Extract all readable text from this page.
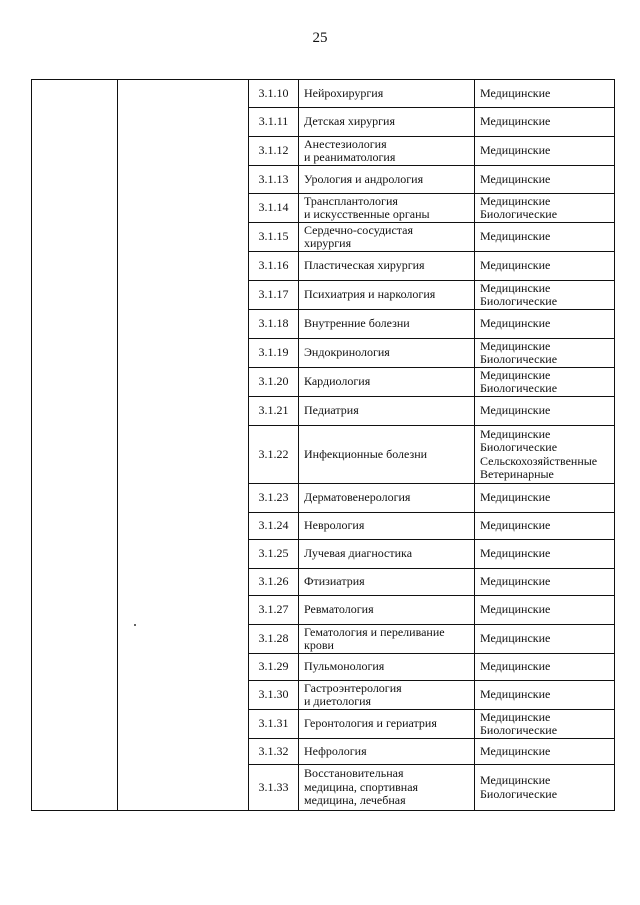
25
		3.1.10	Нейрохирургия	Медицинские

		3.1.11	Детская хирургия	Медицинские

		3.1.12	Анестезиология
и реаниматология	Медицинские

		3.1.13	Урология и андрология	Медицинские

		3.1.14	Трансплантология
и искусственные органы	Медицинские
Биологические

		3.1.15	Сердечно-сосудистая
хирургия	Медицинские

		3.1.16	Пластическая хирургия	Медицинские

		3.1.17	Психиатрия и наркология	Медицинские
Биологические

		3.1.18	Внутренние болезни	Медицинские

		3.1.19	Эндокринология	Медицинские
Биологические

		3.1.20	Кардиология	Медицинские
Биологические

		3.1.21	Педиатрия	Медицинские

		3.1.22	Инфекционные болезни	Медицинские
Биологические
Сельскохозяйственные
Ветеринарные

		3.1.23	Дерматовенерология	Медицинские

		3.1.24	Неврология	Медицинские

		3.1.25	Лучевая диагностика	Медицинские

		3.1.26	Фтизиатрия	Медицинские

		3.1.27	Ревматология	Медицинские

		3.1.28	Гематология и переливание
крови	Медицинские

		3.1.29	Пульмонология	Медицинские

		3.1.30	Гастроэнтерология
и диетология	Медицинские

		3.1.31	Геронтология и гериатрия	Медицинские
Биологические

		3.1.32	Нефрология	Медицинские

		3.1.33	Восстановительная
медицина, спортивная
медицина, лечебная	Медицинские
Биологические
